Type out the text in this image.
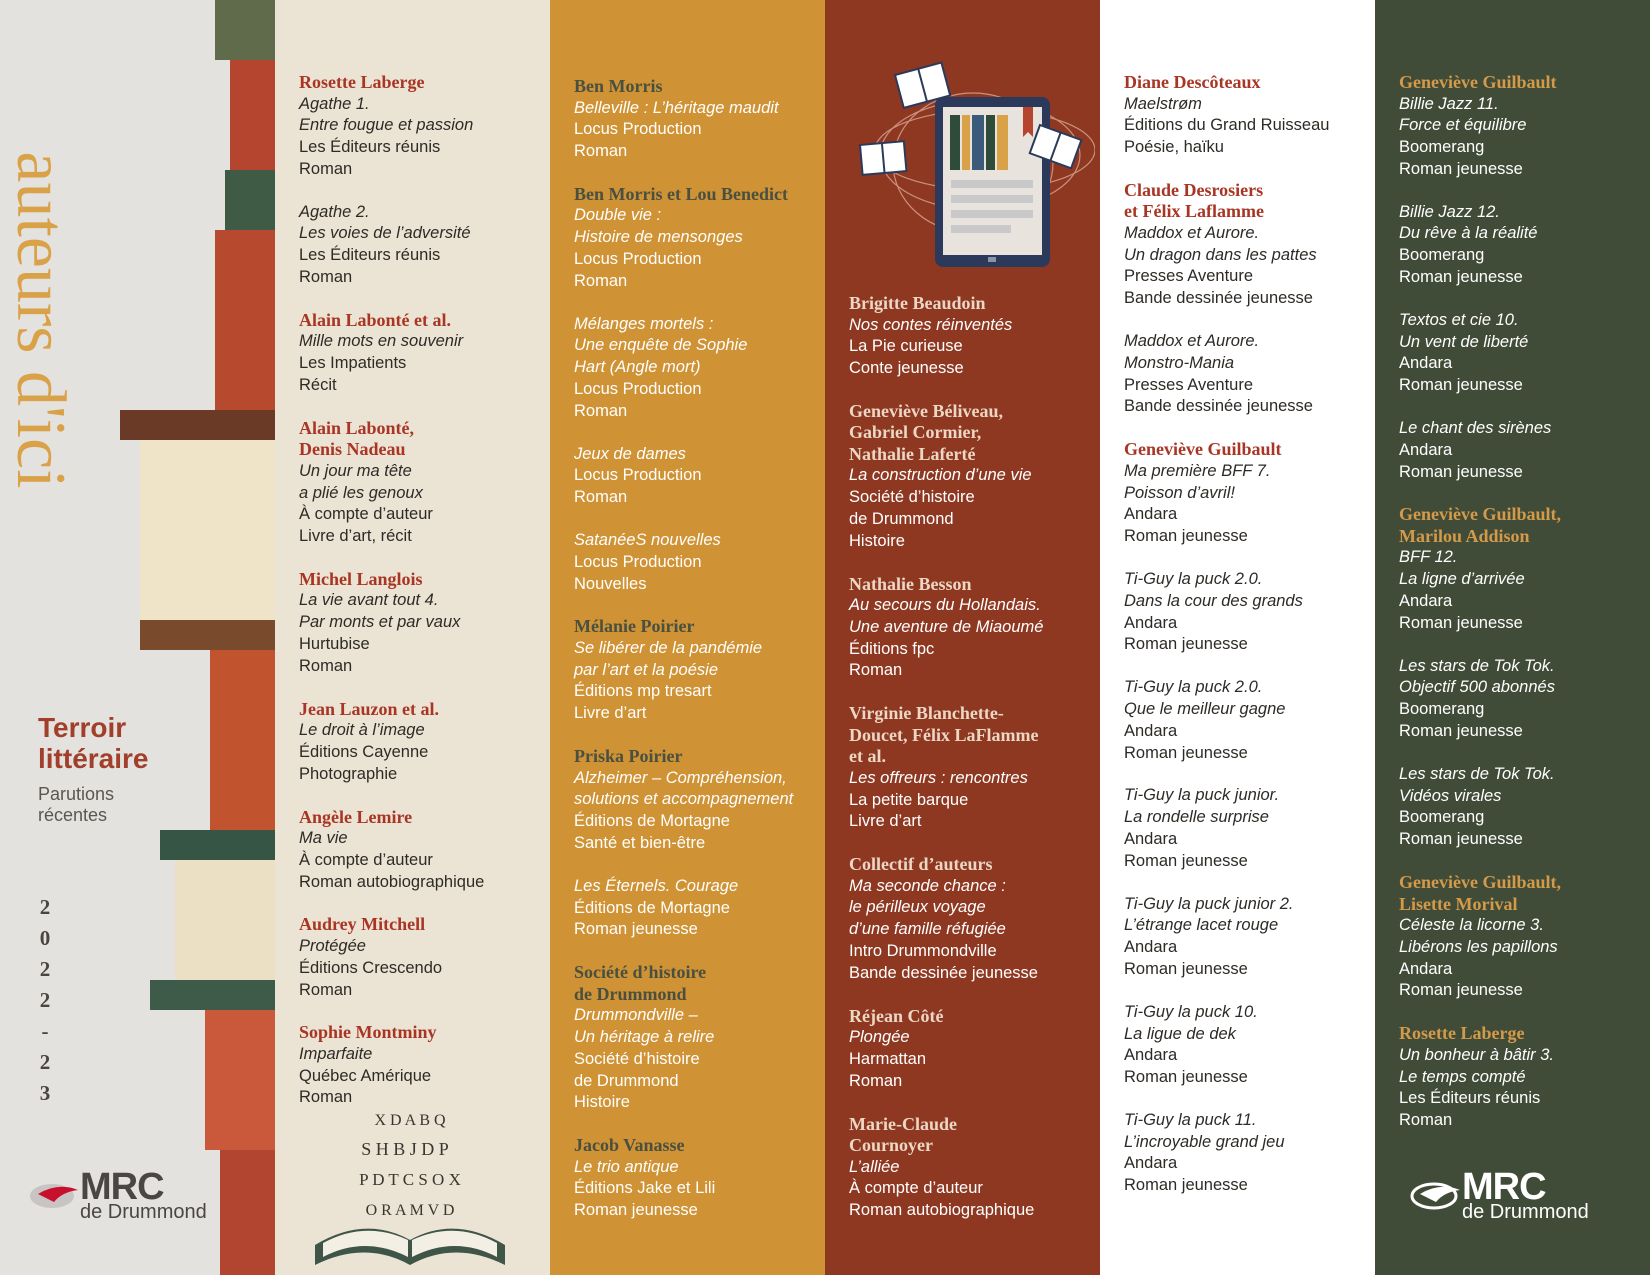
auteurs d'ici
Terroir
littéraire
Parutions
récentes
2
0
2
2
-
2
3
MRC
de Drummond
Rosette Laberge
Agathe 1.
Entre fougue et passion
Les Éditeurs réunis
Roman
Agathe 2.
Les voies de l’adversité
Les Éditeurs réunis
Roman
Alain Labonté et al.
Mille mots en souvenir
Les Impatients
Récit
Alain Labonté,
Denis Nadeau
Un jour ma tête
a plié les genoux
À compte d’auteur
Livre d’art, récit
Michel Langlois
La vie avant tout 4.
Par monts et par vaux
Hurtubise
Roman
Jean Lauzon et al.
Le droit à l’image
Éditions Cayenne
Photographie
Angèle Lemire
Ma vie
À compte d’auteur
Roman autobiographique
Audrey Mitchell
Protégée
Éditions Crescendo
Roman
Sophie Montminy
Imparfaite
Québec Amérique
Roman
X D A B Q
S H B J D P
P D T C S O X
O R A M V D
Ben Morris
Belleville : L’héritage maudit
Locus Production
Roman
Ben Morris et Lou Benedict
Double vie :
Histoire de mensonges
Locus Production
Roman
Mélanges mortels :
Une enquête de Sophie
Hart (Angle mort)
Locus Production
Roman
Jeux de dames
Locus Production
Roman
SatanéeS nouvelles
Locus Production
Nouvelles
Mélanie Poirier
Se libérer de la pandémie
par l’art et la poésie
Éditions mp tresart
Livre d’art
Priska Poirier
Alzheimer – Compréhension,
solutions et accompagnement
Éditions de Mortagne
Santé et bien-être
Les Éternels. Courage
Éditions de Mortagne
Roman jeunesse
Société d’histoire
de Drummond
Drummondville –
Un héritage à relire
Société d’histoire
de Drummond
Histoire
Jacob Vanasse
Le trio antique
Éditions Jake et Lili
Roman jeunesse
Brigitte Beaudoin
Nos contes réinventés
La Pie curieuse
Conte jeunesse
Geneviève Béliveau,
Gabriel Cormier,
Nathalie Laferté
La construction d’une vie
Société d’histoire
de Drummond
Histoire
Nathalie Besson
Au secours du Hollandais.
Une aventure de Miaoumé
Éditions fpc
Roman
Virginie Blanchette-
Doucet, Félix LaFlamme
et al.
Les offreurs : rencontres
La petite barque
Livre d’art
Collectif d’auteurs
Ma seconde chance :
le périlleux voyage
d’une famille réfugiée
Intro Drummondville
Bande dessinée jeunesse
Réjean Côté
Plongée
Harmattan
Roman
Marie-Claude
Cournoyer
L’alliée
À compte d’auteur
Roman autobiographique
Diane Descôteaux
Maelstrøm
Éditions du Grand Ruisseau
Poésie, haïku
Claude Desrosiers
et Félix Laflamme
Maddox et Aurore.
Un dragon dans les pattes
Presses Aventure
Bande dessinée jeunesse
Maddox et Aurore.
Monstro-Mania
Presses Aventure
Bande dessinée jeunesse
Geneviève Guilbault
Ma première BFF 7.
Poisson d’avril!
Andara
Roman jeunesse
Ti-Guy la puck 2.0.
Dans la cour des grands
Andara
Roman jeunesse
Ti-Guy la puck 2.0.
Que le meilleur gagne
Andara
Roman jeunesse
Ti-Guy la puck junior.
La rondelle surprise
Andara
Roman jeunesse
Ti-Guy la puck junior 2.
L’étrange lacet rouge
Andara
Roman jeunesse
Ti-Guy la puck 10.
La ligue de dek
Andara
Roman jeunesse
Ti-Guy la puck 11.
L’incroyable grand jeu
Andara
Roman jeunesse
Geneviève Guilbault
Billie Jazz 11.
Force et équilibre
Boomerang
Roman jeunesse
Billie Jazz 12.
Du rêve à la réalité
Boomerang
Roman jeunesse
Textos et cie 10.
Un vent de liberté
Andara
Roman jeunesse
Le chant des sirènes
Andara
Roman jeunesse
Geneviève Guilbault,
Marilou Addison
BFF 12.
La ligne d’arrivée
Andara
Roman jeunesse
Les stars de Tok Tok.
Objectif 500 abonnés
Boomerang
Roman jeunesse
Les stars de Tok Tok.
Vidéos virales
Boomerang
Roman jeunesse
Geneviève Guilbault,
Lisette Morival
Céleste la licorne 3.
Libérons les papillons
Andara
Roman jeunesse
Rosette Laberge
Un bonheur à bâtir 3.
Le temps compté
Les Éditeurs réunis
Roman
MRC
de Drummond
